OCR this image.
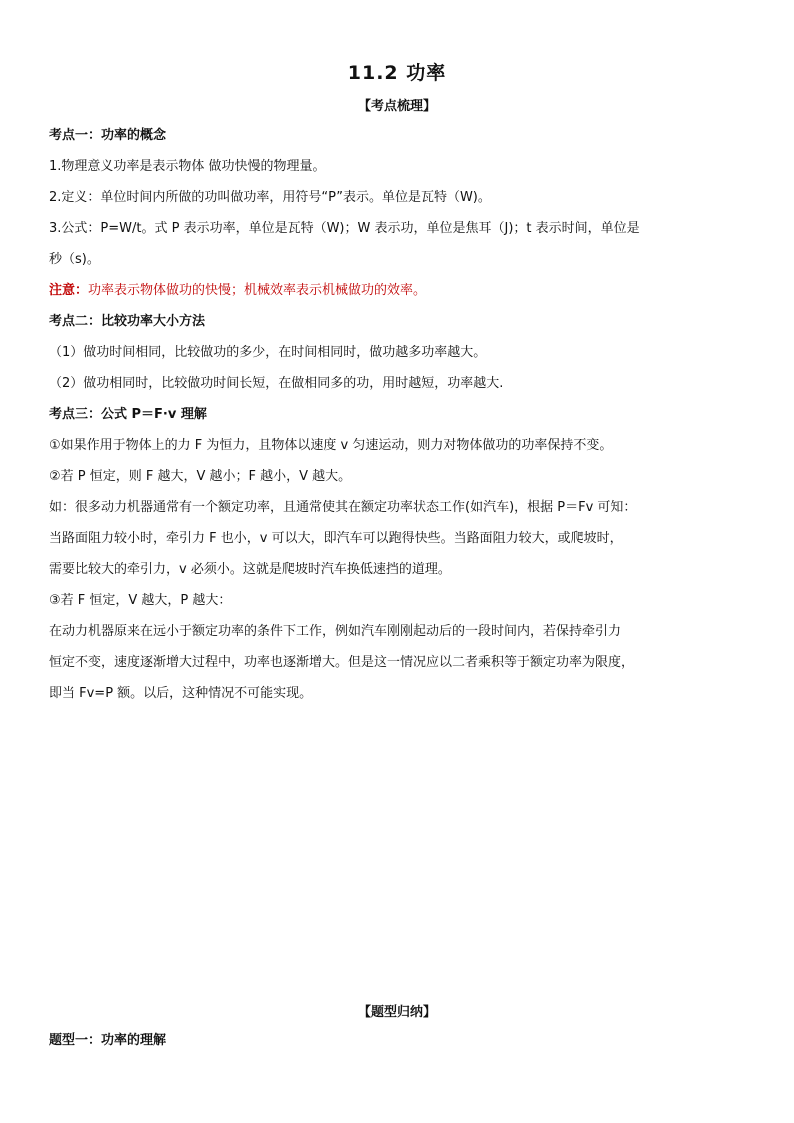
11.2 功率
【考点梳理】

考点一：功率的概念

1.物理意义功率是表示物体 做功快慢的物理量。

2.定义：单位时间内所做的功叫做功率，用符号“P”表示。单位是瓦特（W)。

3.公式：P=W/t。式 P 表示功率，单位是瓦特（W)；W 表示功，单位是焦耳（J)；t 表示时间，单位是

秒（s)。

注意：功率表示物体做功的快慢；机械效率表示机械做功的效率。

考点二：比较功率大小方法

（1）做功时间相同，比较做功的多少，在时间相同时，做功越多功率越大。

（2）做功相同时，比较做功时间长短，在做相同多的功，用时越短，功率越大.

考点三：公式 P＝F·v 理解

①如果作用于物体上的力 F 为恒力，且物体以速度 v 匀速运动，则力对物体做功的功率保持不变。

②若 P 恒定，则 F 越大，V 越小；F 越小，V 越大。

如：很多动力机器通常有一个额定功率，且通常使其在额定功率状态工作(如汽车)，根据 P＝Fv 可知：

当路面阻力较小时，牵引力 F 也小，v 可以大，即汽车可以跑得快些。当路面阻力较大，或爬坡时，

需要比较大的牵引力，v 必须小。这就是爬坡时汽车换低速挡的道理。

③若 F 恒定，V 越大，P 越大：

在动力机器原来在远小于额定功率的条件下工作，例如汽车刚刚起动后的一段时间内，若保持牵引力

恒定不变，速度逐渐增大过程中，功率也逐渐增大。但是这一情况应以二者乘积等于额定功率为限度，

即当 Fv=P 额。以后，这种情况不可能实现。

【题型归纳】

题型一：功率的理解
